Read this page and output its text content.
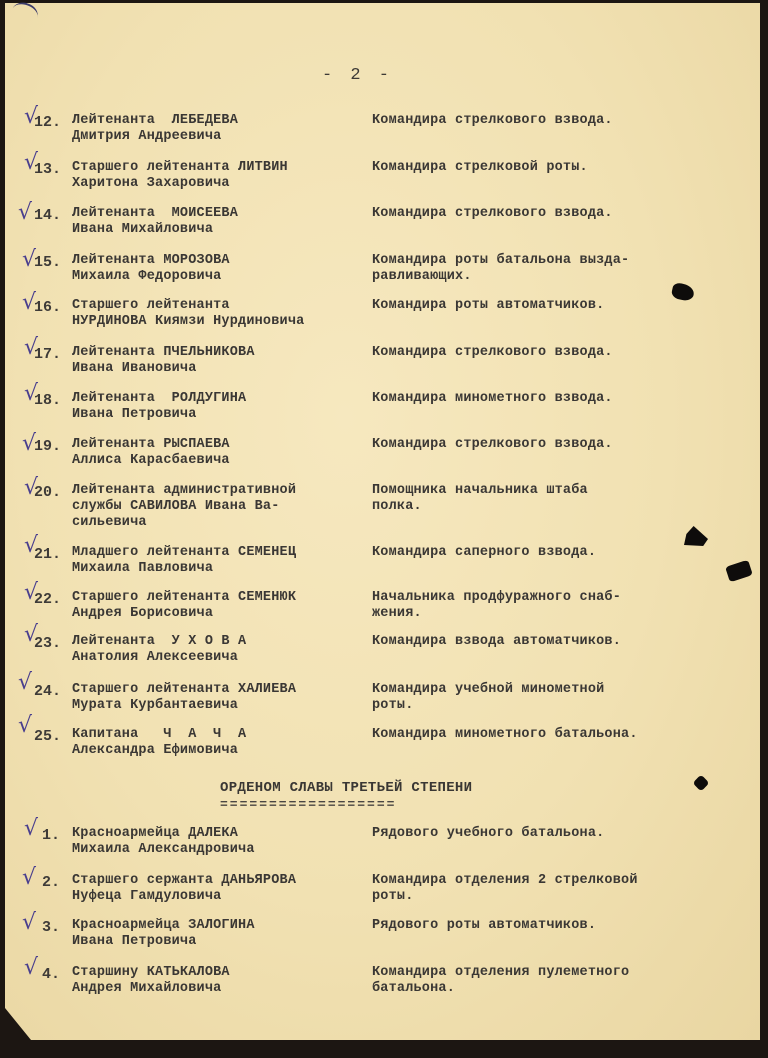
- 2 -
√
12. Лейтенанта  ЛЕБЕДЕВА
Дмитрия Андреевича
Командира стрелкового взвода.
√
13. Старшего лейтенанта ЛИТВИН
Харитона Захаровича
Командира стрелковой роты.
√ 14. Лейтенанта  МОИСЕЕВА
Ивана Михайловича
Командира стрелкового взвода.
√
15. Лейтенанта МОРОЗОВА
Михаила Федоровича
Командира роты батальона выздa-
равливающих.
√
16. Старшего лейтенанта
НУРДИНОВА Киямзи Нурдиновича
Командира роты автоматчиков.
√
17. Лейтенанта ПЧЕЛЬНИКОВА
Ивана Ивановича
Командира стрелкового взвода.
√
18. Лейтенанта  РОЛДУГИНА
Ивана Петровича
Командира минометного взвода.
√
19. Лейтенанта РЫСПАЕВА
Аллиса Карасбаевича
Командира стрелкового взвода.
√
20. Лейтенанта административной
службы САВИЛОВА Ивана Ва-
сильевича
Помощника начальника штаба
полка.
√
21. Младшего лейтенанта СЕМЕНЕЦ
Михаила Павловича
Командира саперного взвода.
√
22. Старшего лейтенанта СЕМЕНЮК
Андрея Борисовича
Начальника продфуражного снаб-
жения.
√
23. Лейтенанта  У Х О В А
Анатолия Алексеевича
Командира взвода автоматчиков.
√ 24. Старшего лейтенанта ХАЛИЕВА
Мурата Курбантаевича
Командира учебной минометной
роты.
√ 25. Капитана   Ч  А  Ч  А
Александра Ефимовича
Командира минометного батальона.
ОРДЕНОМ СЛАВЫ ТРЕТЬЕЙ СТЕПЕНИ
==================
√ 1. Красноармейца ДАЛЕКА
Михаила Александровича
Рядового учебного батальона.
√ 2. Старшего сержанта ДАНЬЯРОВА
Нуфеца Гамдуловича
Командира отделения 2 стрелковой
роты.
√ 3. Красноармейца ЗАЛОГИНА
Ивана Петровича
Рядового роты автоматчиков.
√ 4. Старшину КАТЬКАЛОВА
Андрея Михайловича
Командира отделения пулеметного
батальона.
